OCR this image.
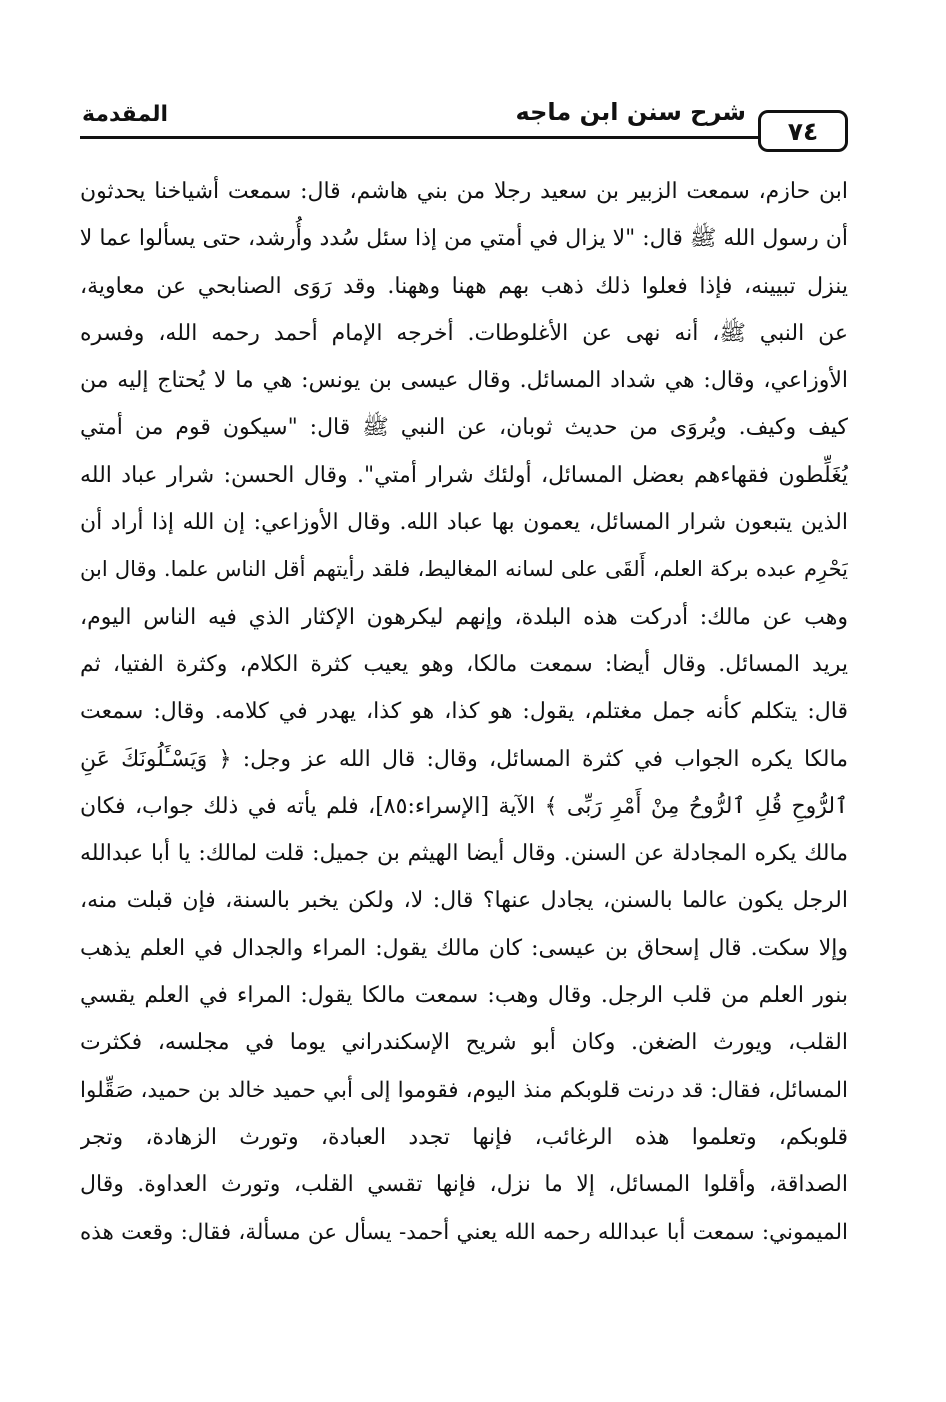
٧٤
شرح سنن ابن ماجه
المقدمة
ابن حازم، سمعت الزبير بن سعيد رجلا من بني هاشم، قال: سمعت أشياخنا يحدثون
أن رسول الله ﷺ قال: "لا يزال في أمتي من إذا سئل سُدد وأُرشد، حتى يسألوا عما لا
ينزل تبيينه، فإذا فعلوا ذلك ذهب بهم ههنا وههنا. وقد رَوَى الصنابحي عن معاوية،
عن النبي ﷺ، أنه نهى عن الأغلوطات. أخرجه الإمام أحمد رحمه الله، وفسره
الأوزاعي، وقال: هي شداد المسائل. وقال عيسى بن يونس: هي ما لا يُحتاج إليه من
كيف وكيف. ويُروَى من حديث ثوبان، عن النبي ﷺ قال: "سيكون قوم من أمتي
يُغَلِّطون فقهاءهم بعضل المسائل، أولئك شرار أمتي". وقال الحسن: شرار عباد الله
الذين يتبعون شرار المسائل، يعمون بها عباد الله. وقال الأوزاعي: إن الله إذا أراد أن
يَحْرِم عبده بركة العلم، أَلقَى على لسانه المغاليط، فلقد رأيتهم أقل الناس علما. وقال ابن
وهب عن مالك: أدركت هذه البلدة، وإنهم ليكرهون الإكثار الذي فيه الناس اليوم،
يريد المسائل. وقال أيضا: سمعت مالكا، وهو يعيب كثرة الكلام، وكثرة الفتيا، ثم
قال: يتكلم كأنه جمل مغتلم، يقول: هو كذا، هو كذا، يهدر في كلامه. وقال: سمعت
مالكا يكره الجواب في كثرة المسائل، وقال: قال الله عز وجل: ﴿ وَيَسْـَٔلُونَكَ عَنِ
ٱلرُّوحِ قُلِ ٱلرُّوحُ مِنْ أَمْرِ رَبِّى ﴾ الآية [الإسراء:٨٥]، فلم يأته في ذلك جواب، فكان
مالك يكره المجادلة عن السنن. وقال أيضا الهيثم بن جميل: قلت لمالك: يا أبا عبدالله
الرجل يكون عالما بالسنن، يجادل عنها؟ قال: لا، ولكن يخبر بالسنة، فإن قبلت منه،
وإلا سكت. قال إسحاق بن عيسى: كان مالك يقول: المراء والجدال في العلم يذهب
بنور العلم من قلب الرجل. وقال وهب: سمعت مالكا يقول: المراء في العلم يقسي
القلب، ويورث الضغن. وكان أبو شريح الإسكندراني يوما في مجلسه، فكثرت
المسائل، فقال: قد درنت قلوبكم منذ اليوم، فقوموا إلى أبي حميد خالد بن حميد، صَقِّلوا
قلوبكم، وتعلموا هذه الرغائب، فإنها تجدد العبادة، وتورث الزهادة، وتجر
الصداقة، وأقلوا المسائل، إلا ما نزل، فإنها تقسي القلب، وتورث العداوة. وقال
الميموني: سمعت أبا عبدالله رحمه الله يعني أحمد- يسأل عن مسألة، فقال: وقعت هذه
